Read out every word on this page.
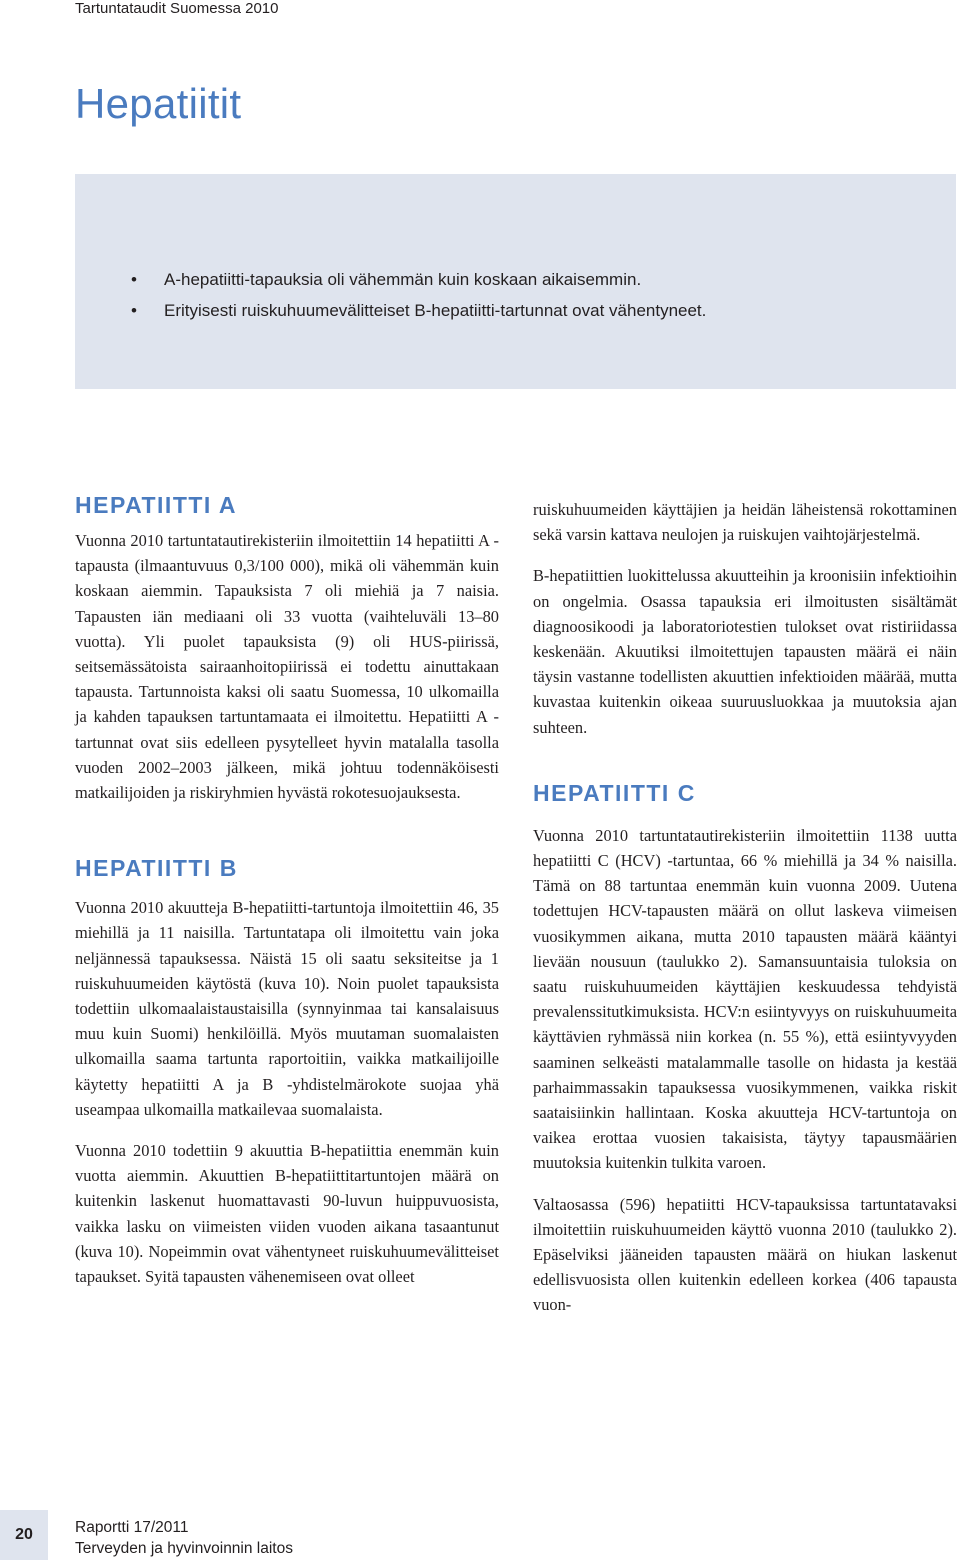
Tartuntataudit Suomessa 2010
Hepatiitit
• A-hepatiitti-tapauksia oli vähemmän kuin koskaan aikaisemmin.
• Erityisesti ruiskuhuumevälitteiset B-hepatiitti-tartunnat ovat vähentyneet.
HEPATIITTI A

Vuonna 2010 tartuntatautirekisteriin ilmoitettiin 14 hepatiitti A -tapausta (ilmaantuvuus 0,3/100 000), mikä oli vähemmän kuin koskaan aiemmin. Tapauksista 7 oli miehiä ja 7 naisia. Tapausten iän mediaani oli 33 vuotta (vaihteluväli 13–80 vuotta). Yli puolet tapauksista (9) oli HUS-piirissä, seitsemässätoista sairaanhoitopiirissä ei todettu ainuttakaan tapausta. Tartunnoista kaksi oli saatu Suomessa, 10 ulkomailla ja kahden tapauksen tartuntamaata ei ilmoitettu. Hepatiitti A -tartunnat ovat siis edelleen pysytelleet hyvin matalalla tasolla vuoden 2002–2003 jälkeen, mikä johtuu todennäköisesti matkailijoiden ja riskiryhmien hyvästä rokotesuojauksesta.

HEPATIITTI B

Vuonna 2010 akuutteja B-hepatiitti-tartuntoja ilmoitettiin 46, 35 miehillä ja 11 naisilla. Tartuntatapa oli ilmoitettu vain joka neljännessä tapauksessa. Näistä 15 oli saatu seksiteitse ja 1 ruiskuhuumeiden käytöstä (kuva 10). Noin puolet tapauksista todettiin ulkomaalaistaustaisilla (synnyinmaa tai kansalaisuus muu kuin Suomi) henkilöillä. Myös muutaman suomalaisten ulkomailla saama tartunta raportoitiin, vaikka matkailijoille käytetty hepatiitti A ja B -yhdistelmärokote suojaa yhä useampaa ulkomailla matkailevaa suomalaista.

Vuonna 2010 todettiin 9 akuuttia B-hepatiittia enemmän kuin vuotta aiemmin. Akuuttien B-hepatiittitartuntojen määrä on kuitenkin laskenut huomattavasti 90-luvun huippuvuosista, vaikka lasku on viimeisten viiden vuoden aikana tasaantunut (kuva 10). Nopeimmin ovat vähentyneet ruiskuhuumevälitteiset tapaukset. Syitä tapausten vähenemiseen ovat olleet

ruiskuhuumeiden käyttäjien ja heidän läheistensä rokottaminen sekä varsin kattava neulojen ja ruiskujen vaihtojärjestelmä.

B-hepatiittien luokittelussa akuutteihin ja kroonisiin infektioihin on ongelmia. Osassa tapauksia eri ilmoitusten sisältämät diagnoosikoodi ja laboratoriotestien tulokset ovat ristiriidassa keskenään. Akuutiksi ilmoitettujen tapausten määrä ei näin täysin vastanne todellisten akuuttien infektioiden määrää, mutta kuvastaa kuitenkin oikeaa suuruusluokkaa ja muutoksia ajan suhteen.

HEPATIITTI C

Vuonna 2010 tartuntatautirekisteriin ilmoitettiin 1138 uutta hepatiitti C (HCV) -tartuntaa, 66 % miehillä ja 34 % naisilla. Tämä on 88 tartuntaa enemmän kuin vuonna 2009. Uutena todettujen HCV-tapausten määrä on ollut laskeva viimeisen vuosikymmen aikana, mutta 2010 tapausten määrä kääntyi lievään nousuun (taulukko 2). Samansuuntaisia tuloksia on saatu ruiskuhuumeiden käyttäjien keskuudessa tehdyistä prevalenssitutkimuksista. HCV:n esiintyvyys on ruiskuhuumeita käyttävien ryhmässä niin korkea (n. 55 %), että esiintyvyyden saaminen selkeästi matalammalle tasolle on hidasta ja kestää parhaimmassakin tapauksessa vuosikymmenen, vaikka riskit saataisiinkin hallintaan. Koska akuutteja HCV-tartuntoja on vaikea erottaa vuosien takaisista, täytyy tapausmäärien muutoksia kuitenkin tulkita varoen.

Valtaosassa (596) hepatiitti HCV-tapauksissa tartuntatavaksi ilmoitettiin ruiskuhuumeiden käyttö vuonna 2010 (taulukko 2). Epäselviksi jääneiden tapausten määrä on hiukan laskenut edellisvuosista ollen kuitenkin edelleen korkea (406 tapausta vuon-

20	Raportti 17/2011
Terveyden ja hyvinvoinnin laitos
